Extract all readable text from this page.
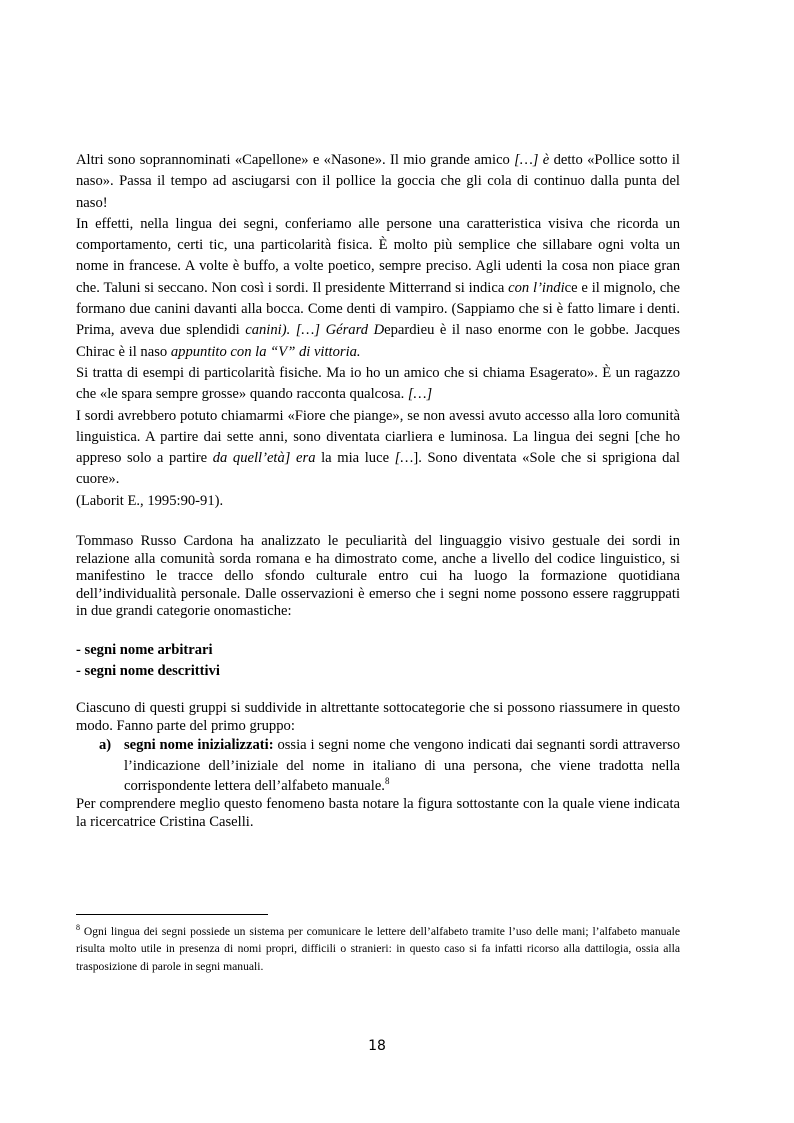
Altri sono soprannominati «Capellone» e «Nasone». Il mio grande amico […] è detto «Pollice sotto il naso». Passa il tempo ad asciugarsi con il pollice la goccia che gli cola di continuo dalla punta del naso!

In effetti, nella lingua dei segni, conferiamo alle persone una caratteristica visiva che ricorda un comportamento, certi tic, una particolarità fisica. È molto più semplice che sillabare ogni volta un nome in francese. A volte è buffo, a volte poetico, sempre preciso. Agli udenti la cosa non piace gran che. Taluni si seccano. Non così i sordi. Il presidente Mitterrand si indica con l’indice e il mignolo, che formano due canini davanti alla bocca. Come denti di vampiro. (Sappiamo che si è fatto limare i denti. Prima, aveva due splendidi canini). […] Gérard Depardieu è il naso enorme con le gobbe. Jacques Chirac è il naso appuntito con la “V” di vittoria.

Si tratta di esempi di particolarità fisiche. Ma io ho un amico che si chiama Esagerato». È un ragazzo che «le spara sempre grosse» quando racconta qualcosa. […]

I sordi avrebbero potuto chiamarmi «Fiore che piange», se non avessi avuto accesso alla loro comunità linguistica. A partire dai sette anni, sono diventata ciarliera e luminosa. La lingua dei segni [che ho appreso solo a partire da quell’età] era la mia luce […]. Sono diventata «Sole che si sprigiona dal cuore».

(Laborit E., 1995:90-91).

Tommaso Russo Cardona ha analizzato le peculiarità del linguaggio visivo gestuale dei sordi in relazione alla comunità sorda romana e ha dimostrato come, anche a livello del codice linguistico, si manifestino le tracce dello sfondo culturale entro cui ha luogo la formazione quotidiana dell’individualità personale. Dalle osservazioni è emerso che i segni nome possono essere raggruppati in due grandi categorie onomastiche:

- segni nome arbitrari
- segni nome descrittivi

Ciascuno di questi gruppi si suddivide in altrettante sottocategorie che si possono riassumere in questo modo. Fanno parte del primo gruppo:

a) segni nome inizializzati: ossia i segni nome che vengono indicati dai segnanti sordi attraverso l’indicazione dell’iniziale del nome in italiano di una persona, che viene tradotta nella corrispondente lettera dell’alfabeto manuale.$^8$

Per comprendere meglio questo fenomeno basta notare la figura sottostante con la quale viene indicata la ricercatrice Cristina Caselli.

$^8$ Ogni lingua dei segni possiede un sistema per comunicare le lettere dell’alfabeto tramite l’uso delle mani; l’alfabeto manuale risulta molto utile in presenza di nomi propri, difficili o stranieri: in questo caso si fa infatti ricorso alla dattilogia, ossia alla trasposizione di parole in segni manuali.
18
